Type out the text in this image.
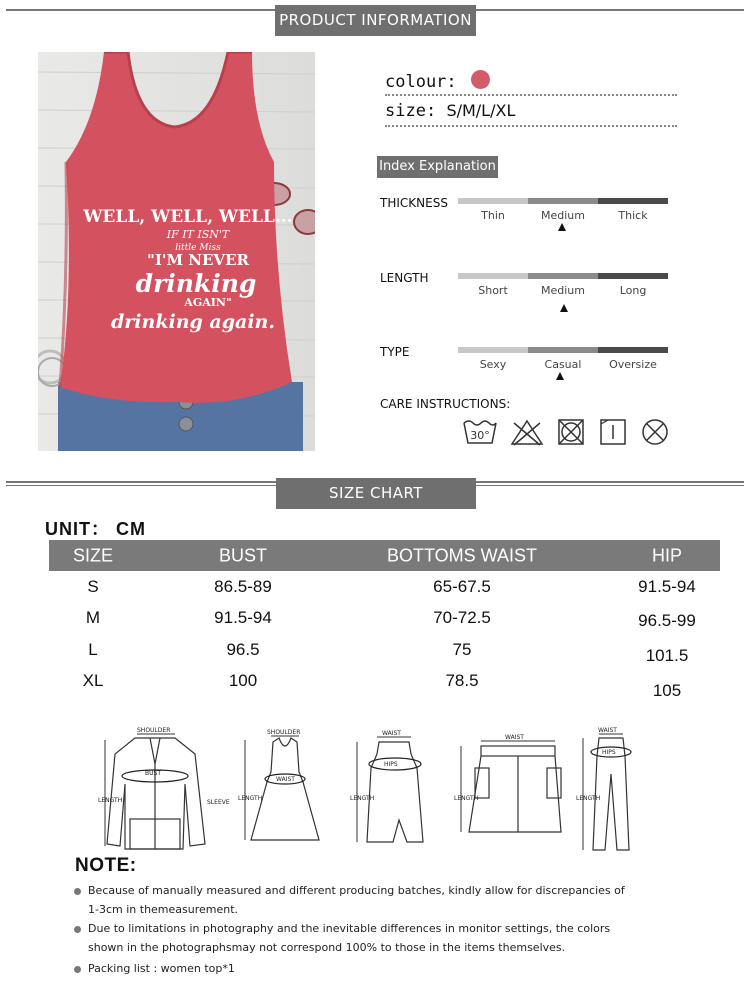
PRODUCT INFORMATION
WELL, WELL, WELL...
IF IT ISN'T
little Miss
"I'M NEVER
drinking
AGAIN"
drinking again.
colour:
size: S/M/L/XL
Index Explanation
THICKNESS
Thin	Medium	Thick
LENGTH
Short	Medium	Long
TYPE
Sexy	Casual	Oversize
CARE INSTRUCTIONS:
30°
SIZE CHART
UNIT： CM
SIZE	BUST	BOTTOMS WAIST	HIP
S	86.5-89	65-67.5	91.5-94
M	91.5-94	70-72.5	96.5-99
L	96.5	75	101.5
XL	100	78.5	105
SHOULDER
BUST
SLEEVE
LENGTH
SHOULDER
WAIST
LENGTH
WAIST
HIPS
LENGTH
WAIST
LENGTH
WAIST
HIPS
LENGTH
NOTE:
Because of manually measured and different producing batches, kindly allow for discrepancies of 1-3cm in themeasurement.
Due to limitations in photography and the inevitable differences in monitor settings, the colors shown in the photographsmay not correspond 100% to those in the items themselves.
Packing list : women top*1
